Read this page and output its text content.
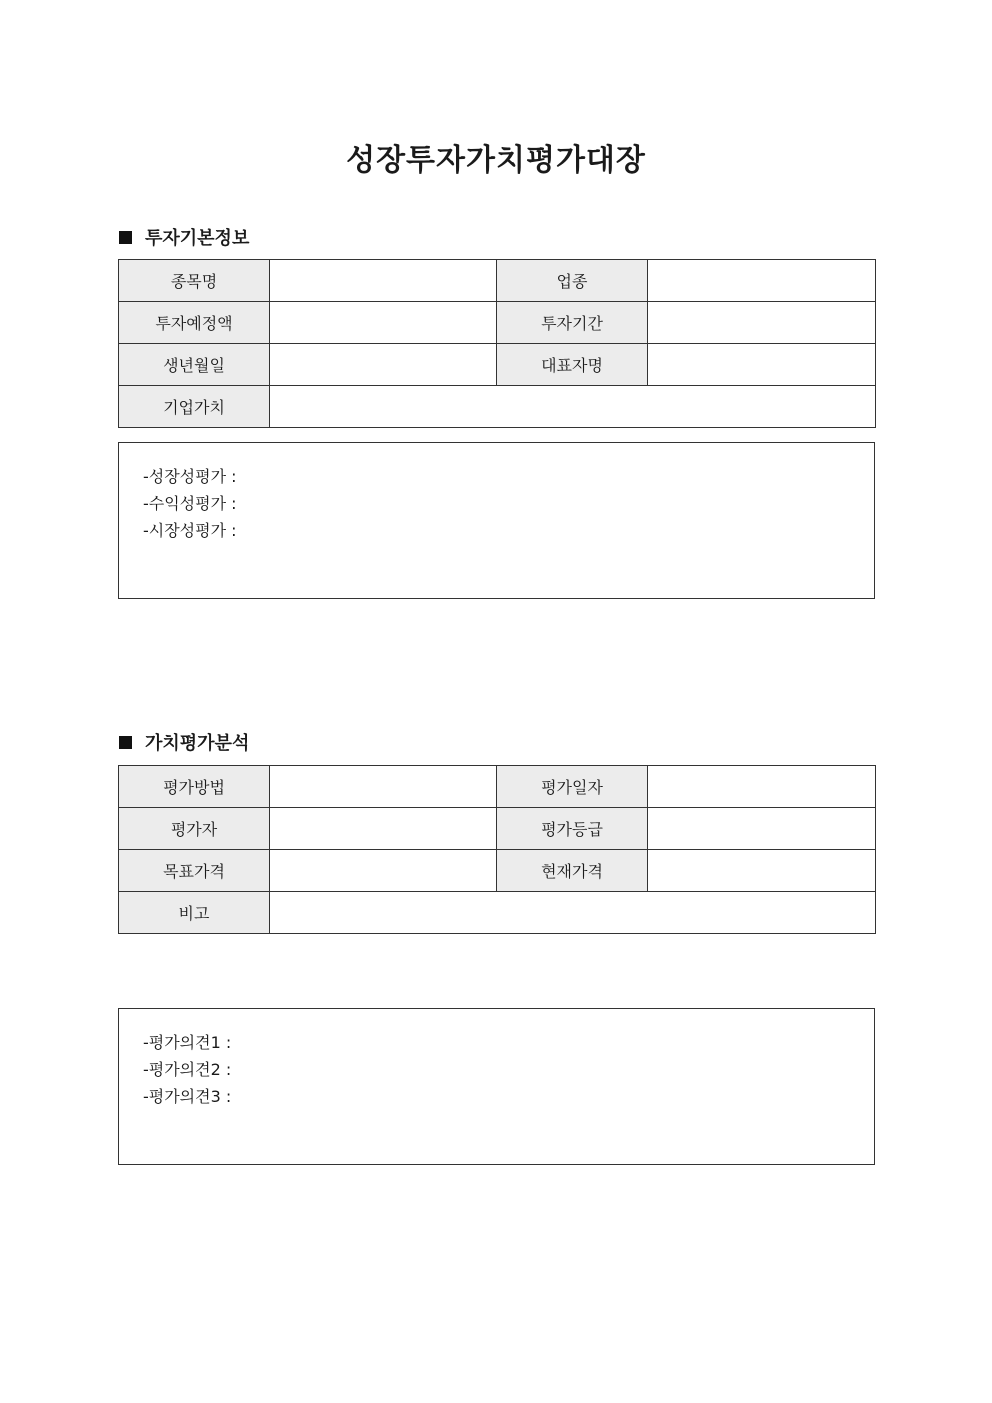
성장투자가치평가대장
투자기본정보
종목명		업종	
투자예정액		투자기간	
생년월일		대표자명	
기업가치			
-성장성평가 :
-수익성평가 :
-시장성평가 :
가치평가분석
평가방법		평가일자	
평가자		평가등급	
목표가격		현재가격	
비고			
-평가의견1 :
-평가의견2 :
-평가의견3 :
